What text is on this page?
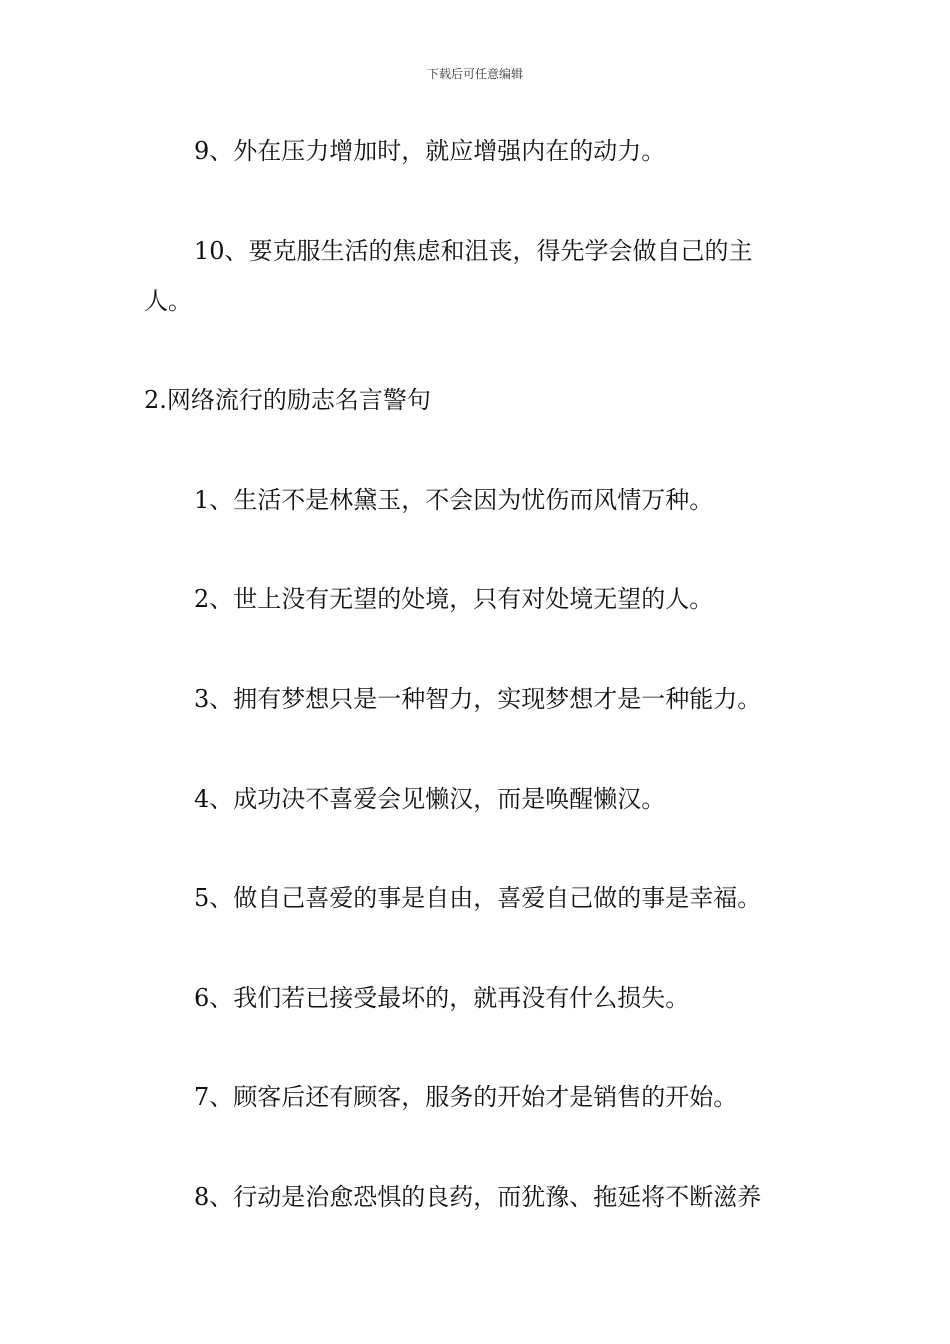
下载后可任意编辑
9、外在压力增加时，就应增强内在的动力。
10、要克服生活的焦虑和沮丧，得先学会做自己的主
人。
2.网络流行的励志名言警句
1、生活不是林黛玉，不会因为忧伤而风情万种。
2、世上没有无望的处境，只有对处境无望的人。
3、拥有梦想只是一种智力，实现梦想才是一种能力。
4、成功决不喜爱会见懒汉，而是唤醒懒汉。
5、做自己喜爱的事是自由，喜爱自己做的事是幸福。
6、我们若已接受最坏的，就再没有什么损失。
7、顾客后还有顾客，服务的开始才是销售的开始。
8、行动是治愈恐惧的良药，而犹豫、拖延将不断滋养
